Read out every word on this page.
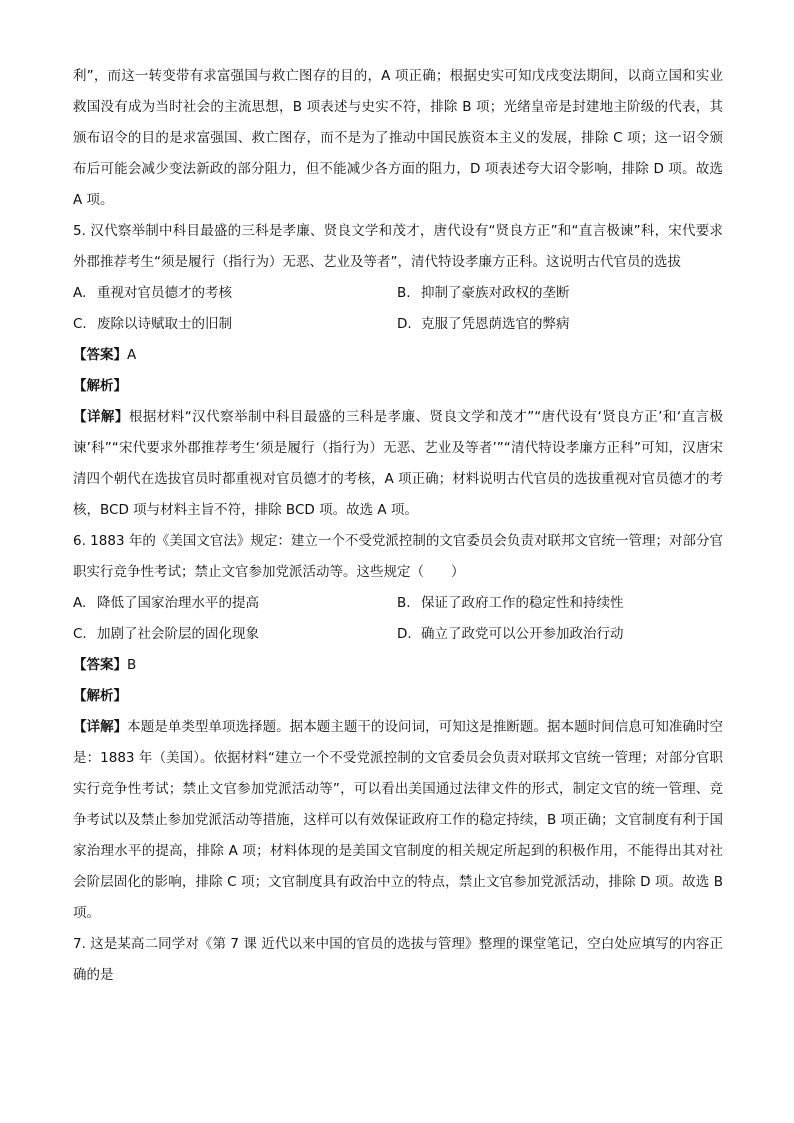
利”，而这一转变带有求富强国与救亡图存的目的，A 项正确；根据史实可知戊戌变法期间，以商立国和实业救国没有成为当时社会的主流思想，B 项表述与史实不符，排除 B 项；光绪皇帝是封建地主阶级的代表，其颁布诏令的目的是求富强国、救亡图存，而不是为了推动中国民族资本主义的发展，排除 C 项；这一诏令颁布后可能会减少变法新政的部分阻力，但不能减少各方面的阻力，D 项表述夸大诏令影响，排除 D 项。故选 A 项。

5. 汉代察举制中科目最盛的三科是孝廉、贤良文学和茂才，唐代设有“贤良方正”和“直言极谏”科，宋代要求外郡推荐考生“须是履行（指行为）无恶、艺业及等者”，清代特设孝廉方正科。这说明古代官员的选拔

A. 重视对官员德才的考核	B. 抑制了豪族对政权的垄断
C. 废除以诗赋取士的旧制	D. 克服了凭恩荫选官的弊病

【答案】A

【解析】

【详解】根据材料“汉代察举制中科目最盛的三科是孝廉、贤良文学和茂才”“唐代设有‘贤良方正’和‘直言极谏’科”“宋代要求外郡推荐考生‘须是履行（指行为）无恶、艺业及等者’”“清代特设孝廉方正科”可知，汉唐宋清四个朝代在选拔官员时都重视对官员德才的考核，A 项正确；材料说明古代官员的选拔重视对官员德才的考核，BCD 项与材料主旨不符，排除 BCD 项。故选 A 项。

6. 1883 年的《美国文官法》规定：建立一个不受党派控制的文官委员会负责对联邦文官统一管理；对部分官职实行竞争性考试；禁止文官参加党派活动等。这些规定（　　）

A. 降低了国家治理水平的提高	B. 保证了政府工作的稳定性和持续性
C. 加剧了社会阶层的固化现象	D. 确立了政党可以公开参加政治行动

【答案】B

【解析】

【详解】本题是单类型单项选择题。据本题主题干的设问词，可知这是推断题。据本题时间信息可知准确时空是：1883 年（美国）。依据材料“建立一个不受党派控制的文官委员会负责对联邦文官统一管理；对部分官职实行竞争性考试；禁止文官参加党派活动等”，可以看出美国通过法律文件的形式，制定文官的统一管理、竞争考试以及禁止参加党派活动等措施，这样可以有效保证政府工作的稳定持续，B 项正确；文官制度有利于国家治理水平的提高，排除 A 项；材料体现的是美国文官制度的相关规定所起到的积极作用，不能得出其对社会阶层固化的影响，排除 C 项；文官制度具有政治中立的特点，禁止文官参加党派活动，排除 D 项。故选 B 项。

7. 这是某高二同学对《第 7 课 近代以来中国的官员的选拔与管理》整理的课堂笔记，空白处应填写的内容正确的是
